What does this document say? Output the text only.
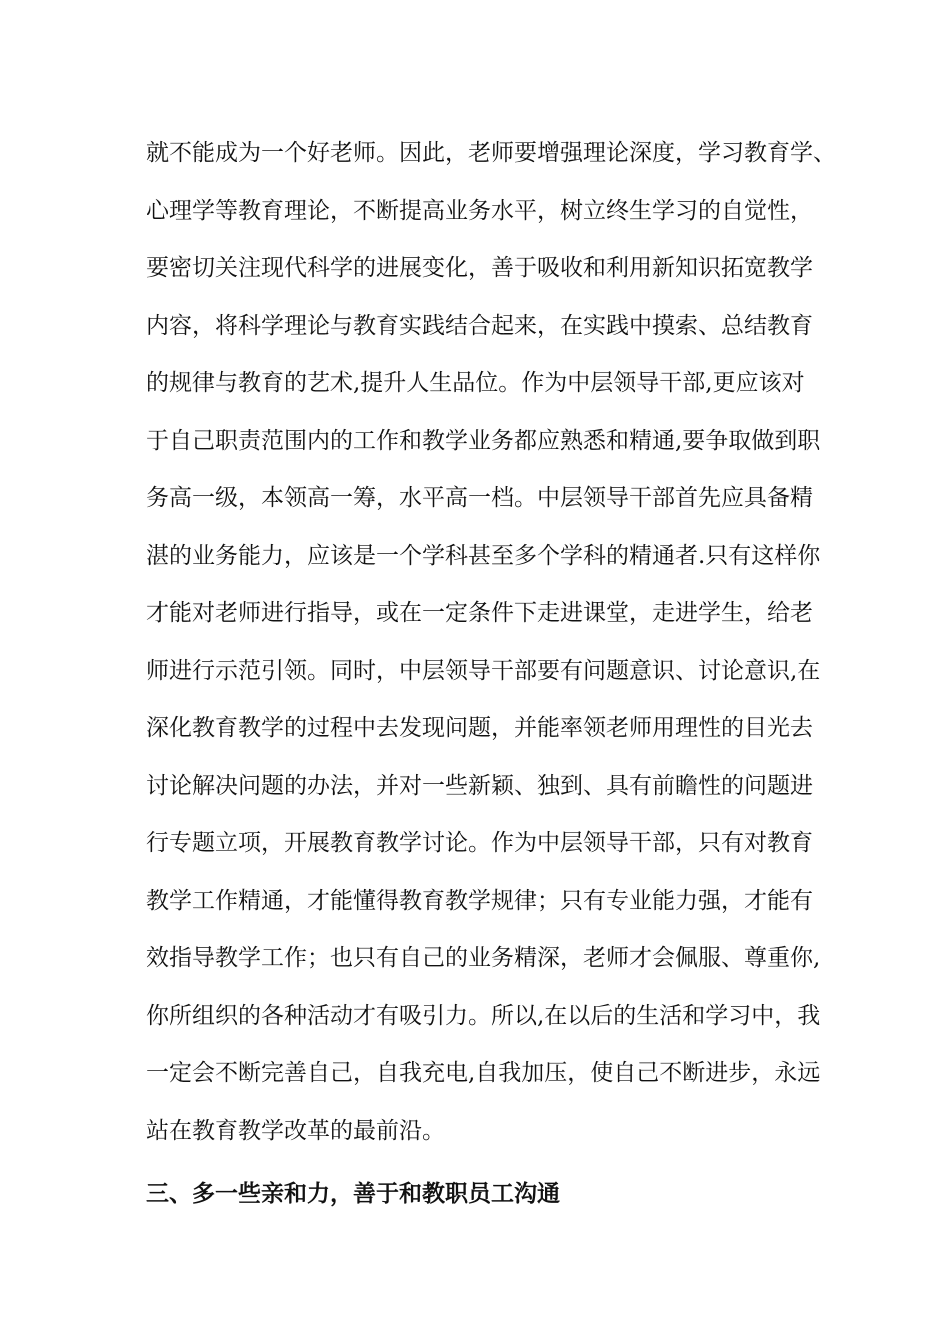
就不能成为一个好老师。因此，老师要增强理论深度，学习教育学、
心理学等教育理论，不断提高业务水平，树立终生学习的自觉性，
要密切关注现代科学的进展变化，善于吸收和利用新知识拓宽教学
内容，将科学理论与教育实践结合起来，在实践中摸索、总结教育
的规律与教育的艺术,提升人生品位。作为中层领导干部,更应该对
于自己职责范围内的工作和教学业务都应熟悉和精通,要争取做到职
务高一级，本领高一筹，水平高一档。中层领导干部首先应具备精
湛的业务能力，应该是一个学科甚至多个学科的精通者.只有这样你
才能对老师进行指导，或在一定条件下走进课堂，走进学生，给老
师进行示范引领。同时，中层领导干部要有问题意识、讨论意识,在
深化教育教学的过程中去发现问题，并能率领老师用理性的目光去
讨论解决问题的办法，并对一些新颖、独到、具有前瞻性的问题进
行专题立项，开展教育教学讨论。作为中层领导干部，只有对教育
教学工作精通，才能懂得教育教学规律；只有专业能力强，才能有
效指导教学工作；也只有自己的业务精深，老师才会佩服、尊重你,
你所组织的各种活动才有吸引力。所以,在以后的生活和学习中，我
一定会不断完善自己，自我充电,自我加压，使自己不断进步，永远
站在教育教学改革的最前沿。
三、多一些亲和力，善于和教职员工沟通
